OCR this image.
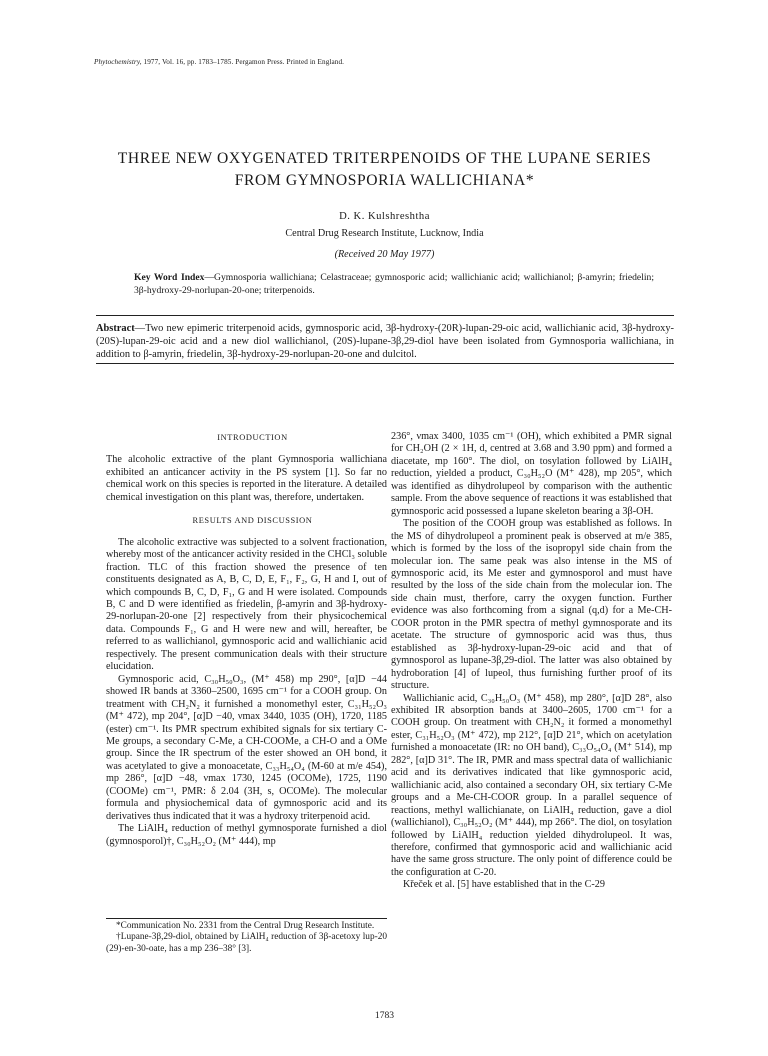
Phytochemistry, 1977, Vol. 16, pp. 1783–1785. Pergamon Press. Printed in England.
THREE NEW OXYGENATED TRITERPENOIDS OF THE LUPANE SERIES FROM GYMNOSPORIA WALLICHIANA*
D. K. Kulshreshtha
Central Drug Research Institute, Lucknow, India
(Received 20 May 1977)
Key Word Index—Gymnosporia wallichiana; Celastraceae; gymnosporic acid; wallichianic acid; wallichianol; β-amyrin; friedelin; 3β-hydroxy-29-norlupan-20-one; triterpenoids.
Abstract—Two new epimeric triterpenoid acids, gymnosporic acid, 3β-hydroxy-(20R)-lupan-29-oic acid, wallichianic acid, 3β-hydroxy-(20S)-lupan-29-oic acid and a new diol wallichianol, (20S)-lupane-3β,29-diol have been isolated from Gymnosporia wallichiana, in addition to β-amyrin, friedelin, 3β-hydroxy-29-norlupan-20-one and dulcitol.

INTRODUCTION

The alcoholic extractive of the plant Gymnosporia wallichiana exhibited an anticancer activity in the PS system [1]. So far no chemical work on this species is reported in the literature. A detailed chemical investigation on this plant was, therefore, undertaken.

RESULTS AND DISCUSSION

The alcoholic extractive was subjected to a solvent fractionation, whereby most of the anticancer activity resided in the CHCl₃ soluble fraction. TLC of this fraction showed the presence of ten constituents designated as A, B, C, D, E, F₁, F₂, G, H and I, out of which compounds B, C, D, F₁, G and H were isolated. Compounds B, C and D were identified as friedelin, β-amyrin and 3β-hydroxy-29-norlupan-20-one [2] respectively from their physicochemical data. Compounds F₁, G and H were new and will, hereafter, be referred to as wallichianol, gymnosporic acid and wallichianic acid respectively. The present communication deals with their structure elucidation.

Gymnosporic acid, C₃₀H₅₀O₃, (M⁺ 458) mp 290°, [α]D −44 showed IR bands at 3360–2500, 1695 cm⁻¹ for a COOH group. On treatment with CH₂N₂ it furnished a monomethyl ester, C₃₁H₅₂O₃ (M⁺ 472), mp 204°, [α]D −40, νmax 3440, 1035 (OH), 1720, 1185 (ester) cm⁻¹. Its PMR spectrum exhibited signals for six tertiary C-Me groups, a secondary C-Me, a CH-COOMe, a CH-O and a OMe group. Since the IR spectrum of the ester showed an OH bond, it was acetylated to give a monoacetate, C₃₃H₅₄O₄ (M-60 at m/e 454), mp 286°, [α]D −48, νmax 1730, 1245 (OCOMe), 1725, 1190 (COOMe) cm⁻¹, PMR: δ 2.04 (3H, s, OCOMe). The molecular formula and physiochemical data of gymnosporic acid and its derivatives thus indicated that it was a hydroxy triterpenoid acid.

The LiAlH₄ reduction of methyl gymnosporate furnished a diol (gymnosporol)†, C₃₀H₅₂O₂ (M⁺ 444), mp

*Communication No. 2331 from the Central Drug Research Institute.

†Lupane-3β,29-diol, obtained by LiAlH₄ reduction of 3β-acetoxy lup-20 (29)-en-30-oate, has a mp 236–38° [3].

236°, νmax 3400, 1035 cm⁻¹ (OH), which exhibited a PMR signal for CH₂OH (2 × 1H, d, centred at 3.68 and 3.90 ppm) and formed a diacetate, mp 160°. The diol, on tosylation followed by LiAlH₄ reduction, yielded a product, C₃₀H₅₂O (M⁺ 428), mp 205°, which was identified as dihydrolupeol by comparison with the authentic sample. From the above sequence of reactions it was established that gymnosporic acid possessed a lupane skeleton bearing a 3β-OH.

The position of the COOH group was established as follows. In the MS of dihydrolupeol a prominent peak is observed at m/e 385, which is formed by the loss of the isopropyl side chain from the molecular ion. The same peak was also intense in the MS of gymnosporic acid, its Me ester and gymnosporol and must have resulted by the loss of the side chain from the molecular ion. The side chain must, therfore, carry the oxygen function. Further evidence was also forthcoming from a signal (q,d) for a Me-CH-COOR proton in the PMR spectra of methyl gymnosporate and its acetate. The structure of gymnosporic acid was thus, thus established as 3β-hydroxy-lupan-29-oic acid and that of gymnosporol as lupane-3β,29-diol. The latter was also obtained by hydroboration [4] of lupeol, thus furnishing further proof of its structure.

Wallichianic acid, C₃₀H₅₀O₃ (M⁺ 458), mp 280°, [α]D 28°, also exhibited IR absorption bands at 3400–2605, 1700 cm⁻¹ for a COOH group. On treatment with CH₂N₂ it formed a monomethyl ester, C₃₁H₅₂O₃ (M⁺ 472), mp 212°, [α]D 21°, which on acetylation furnished a monoacetate (IR: no OH band), C₃₃O₅₄O₄ (M⁺ 514), mp 282°, [α]D 31°. The IR, PMR and mass spectral data of wallichianic acid and its derivatives indicated that like gymnosporic acid, wallichianic acid, also contained a secondary OH, six tertiary C-Me groups and a Me-CH-COOR group. In a parallel sequence of reactions, methyl wallichianate, on LiAlH₄ reduction, gave a diol (wallichianol), C₃₀H₅₂O₂ (M⁺ 444), mp 266°. The diol, on tosylation followed by LiAlH₄ reduction yielded dihydrolupeol. It was, therefore, confirmed that gymnosporic acid and wallichianic acid have the same gross structure. The only point of difference could be the configuration at C-20.

Křeček et al. [5] have established that in the C-29

1783
